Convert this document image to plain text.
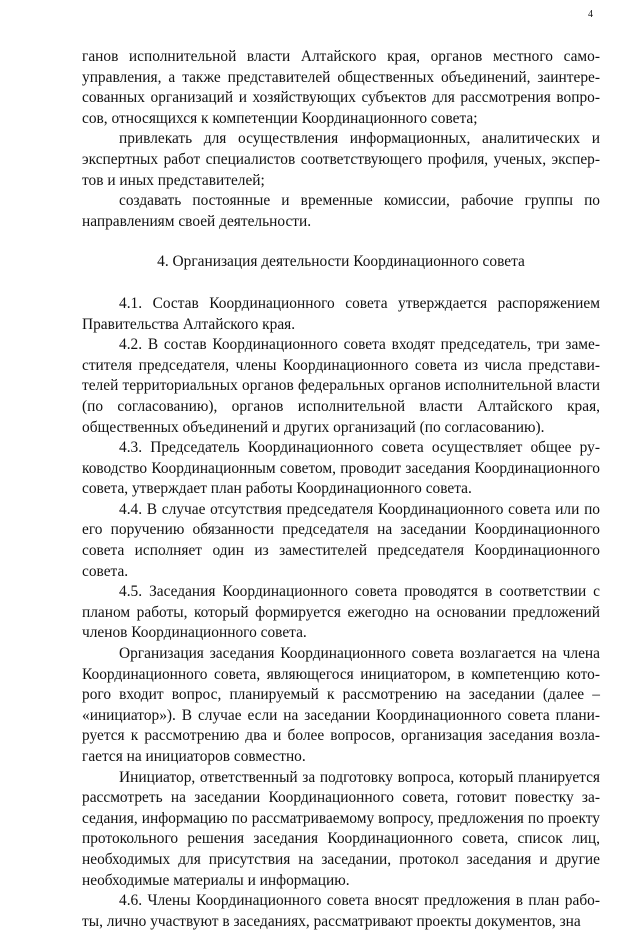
4

ганов исполнительной власти Алтайского края, органов местного самоуправления, а также представителей общественных объединений, заинтересованных организаций и хозяйствующих субъектов для рассмотрения вопросов, относящихся к компетенции Координационного совета;

привлекать для осуществления информационных, аналитических и экспертных работ специалистов соответствующего профиля, ученых, экспертов и иных представителей;

создавать постоянные и временные комиссии, рабочие группы по направлениям своей деятельности.

4. Организация деятельности Координационного совета

4.1. Состав Координационного совета утверждается распоряжением Правительства Алтайского края.

4.2. В состав Координационного совета входят председатель, три заместителя председателя, члены Координационного совета из числа представителей территориальных органов федеральных органов исполнительной власти (по согласованию), органов исполнительной власти Алтайского края, общественных объединений и других организаций (по согласованию).

4.3. Председатель Координационного совета осуществляет общее руководство Координационным советом, проводит заседания Координационного совета, утверждает план работы Координационного совета.

4.4. В случае отсутствия председателя Координационного совета или по его поручению обязанности председателя на заседании Координационного совета исполняет один из заместителей председателя Координационного совета.

4.5. Заседания Координационного совета проводятся в соответствии с планом работы, который формируется ежегодно на основании предложений членов Координационного совета.

Организация заседания Координационного совета возлагается на члена Координационного совета, являющегося инициатором, в компетенцию которого входит вопрос, планируемый к рассмотрению на заседании (далее – «инициатор»). В случае если на заседании Координационного совета планируется к рассмотрению два и более вопросов, организация заседания возлагается на инициаторов совместно.

Инициатор, ответственный за подготовку вопроса, который планируется рассмотреть на заседании Координационного совета, готовит повестку заседания, информацию по рассматриваемому вопросу, предложения по проекту протокольного решения заседания Координационного совета, список лиц, необходимых для присутствия на заседании, протокол заседания и другие необходимые материалы и информацию.

4.6. Члены Координационного совета вносят предложения в план работы, лично участвуют в заседаниях, рассматривают проекты документов, зна
